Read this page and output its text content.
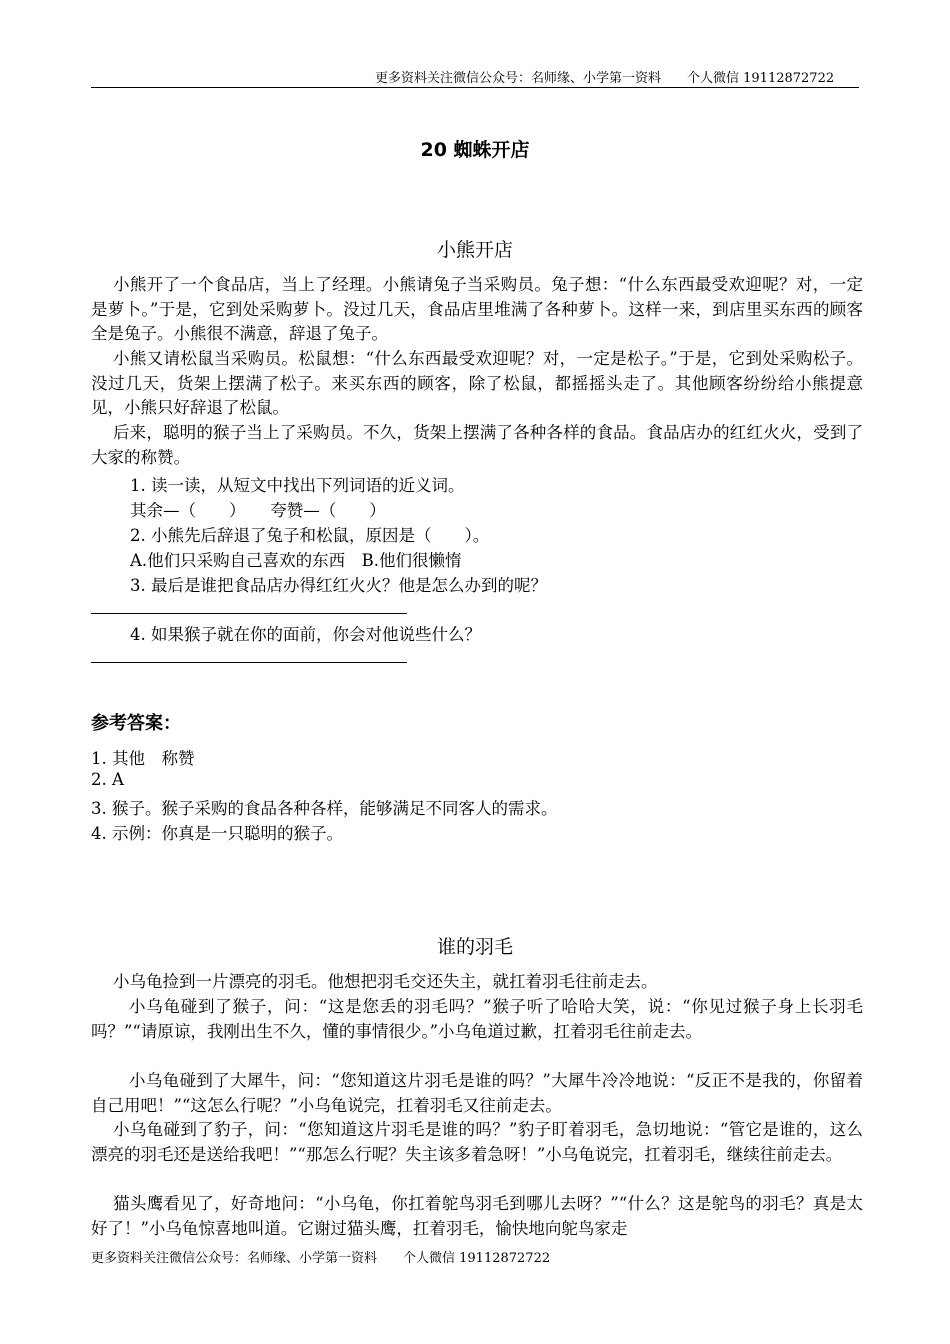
更多资料关注微信公众号：名师缘、小学第一资料　　个人微信 19112872722
20 蜘蛛开店
小熊开店
小熊开了一个食品店，当上了经理。小熊请兔子当采购员。兔子想：“什么东西最受欢迎呢？对，一定是萝卜。”于是，它到处采购萝卜。没过几天，食品店里堆满了各种萝卜。这样一来，到店里买东西的顾客全是兔子。小熊很不满意，辞退了兔子。
小熊又请松鼠当采购员。松鼠想：“什么东西最受欢迎呢？对，一定是松子。”于是，它到处采购松子。没过几天，货架上摆满了松子。来买东西的顾客，除了松鼠，都摇摇头走了。其他顾客纷纷给小熊提意见，小熊只好辞退了松鼠。
后来，聪明的猴子当上了采购员。不久，货架上摆满了各种各样的食品。食品店办的红红火火，受到了大家的称赞。
1. 读一读，从短文中找出下列词语的近义词。
其余—（　　）　　夸赞—（　　）
2. 小熊先后辞退了兔子和松鼠，原因是（　　）。
A.他们只采购自己喜欢的东西　B.他们很懒惰
3. 最后是谁把食品店办得红红火火？他是怎么办到的呢？
4. 如果猴子就在你的面前，你会对他说些什么？
参考答案：
1. 其他　称赞
2. A
3. 猴子。猴子采购的食品各种各样，能够满足不同客人的需求。
4. 示例：你真是一只聪明的猴子。
谁的羽毛
小乌龟捡到一片漂亮的羽毛。他想把羽毛交还失主，就扛着羽毛往前走去。
小乌龟碰到了猴子，问：“这是您丢的羽毛吗？”猴子听了哈哈大笑，说：“你见过猴子身上长羽毛吗？”“请原谅，我刚出生不久，懂的事情很少。”小乌龟道过歉，扛着羽毛往前走去。
小乌龟碰到了大犀牛，问：“您知道这片羽毛是谁的吗？”大犀牛冷冷地说：“反正不是我的，你留着自己用吧！”“这怎么行呢？”小乌龟说完，扛着羽毛又往前走去。
小乌龟碰到了豹子，问：“您知道这片羽毛是谁的吗？”豹子盯着羽毛，急切地说：“管它是谁的，这么漂亮的羽毛还是送给我吧！”“那怎么行呢？失主该多着急呀！”小乌龟说完，扛着羽毛，继续往前走去。
猫头鹰看见了，好奇地问：“小乌龟，你扛着鸵鸟羽毛到哪儿去呀？”“什么？这是鸵鸟的羽毛？真是太好了！”小乌龟惊喜地叫道。它谢过猫头鹰，扛着羽毛，愉快地向鸵鸟家走
更多资料关注微信公众号：名师缘、小学第一资料　　个人微信 19112872722
